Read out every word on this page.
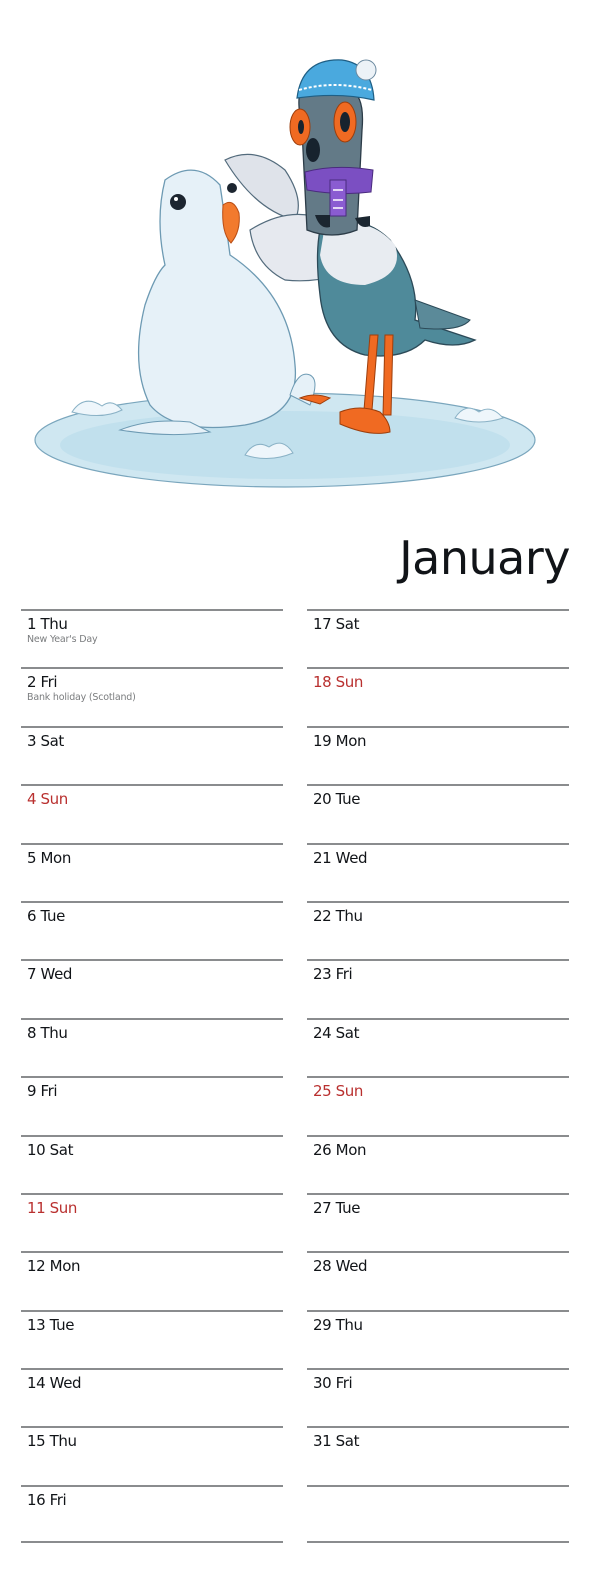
January
1 Thu
New Year's Day
2 Fri
Bank holiday (Scotland)
3 Sat
4 Sun
5 Mon
6 Tue
7 Wed
8 Thu
9 Fri
10 Sat
11 Sun
12 Mon
13 Tue
14 Wed
15 Thu
16 Fri
17 Sat
18 Sun
19 Mon
20 Tue
21 Wed
22 Thu
23 Fri
24 Sat
25 Sun
26 Mon
27 Tue
28 Wed
29 Thu
30 Fri
31 Sat
